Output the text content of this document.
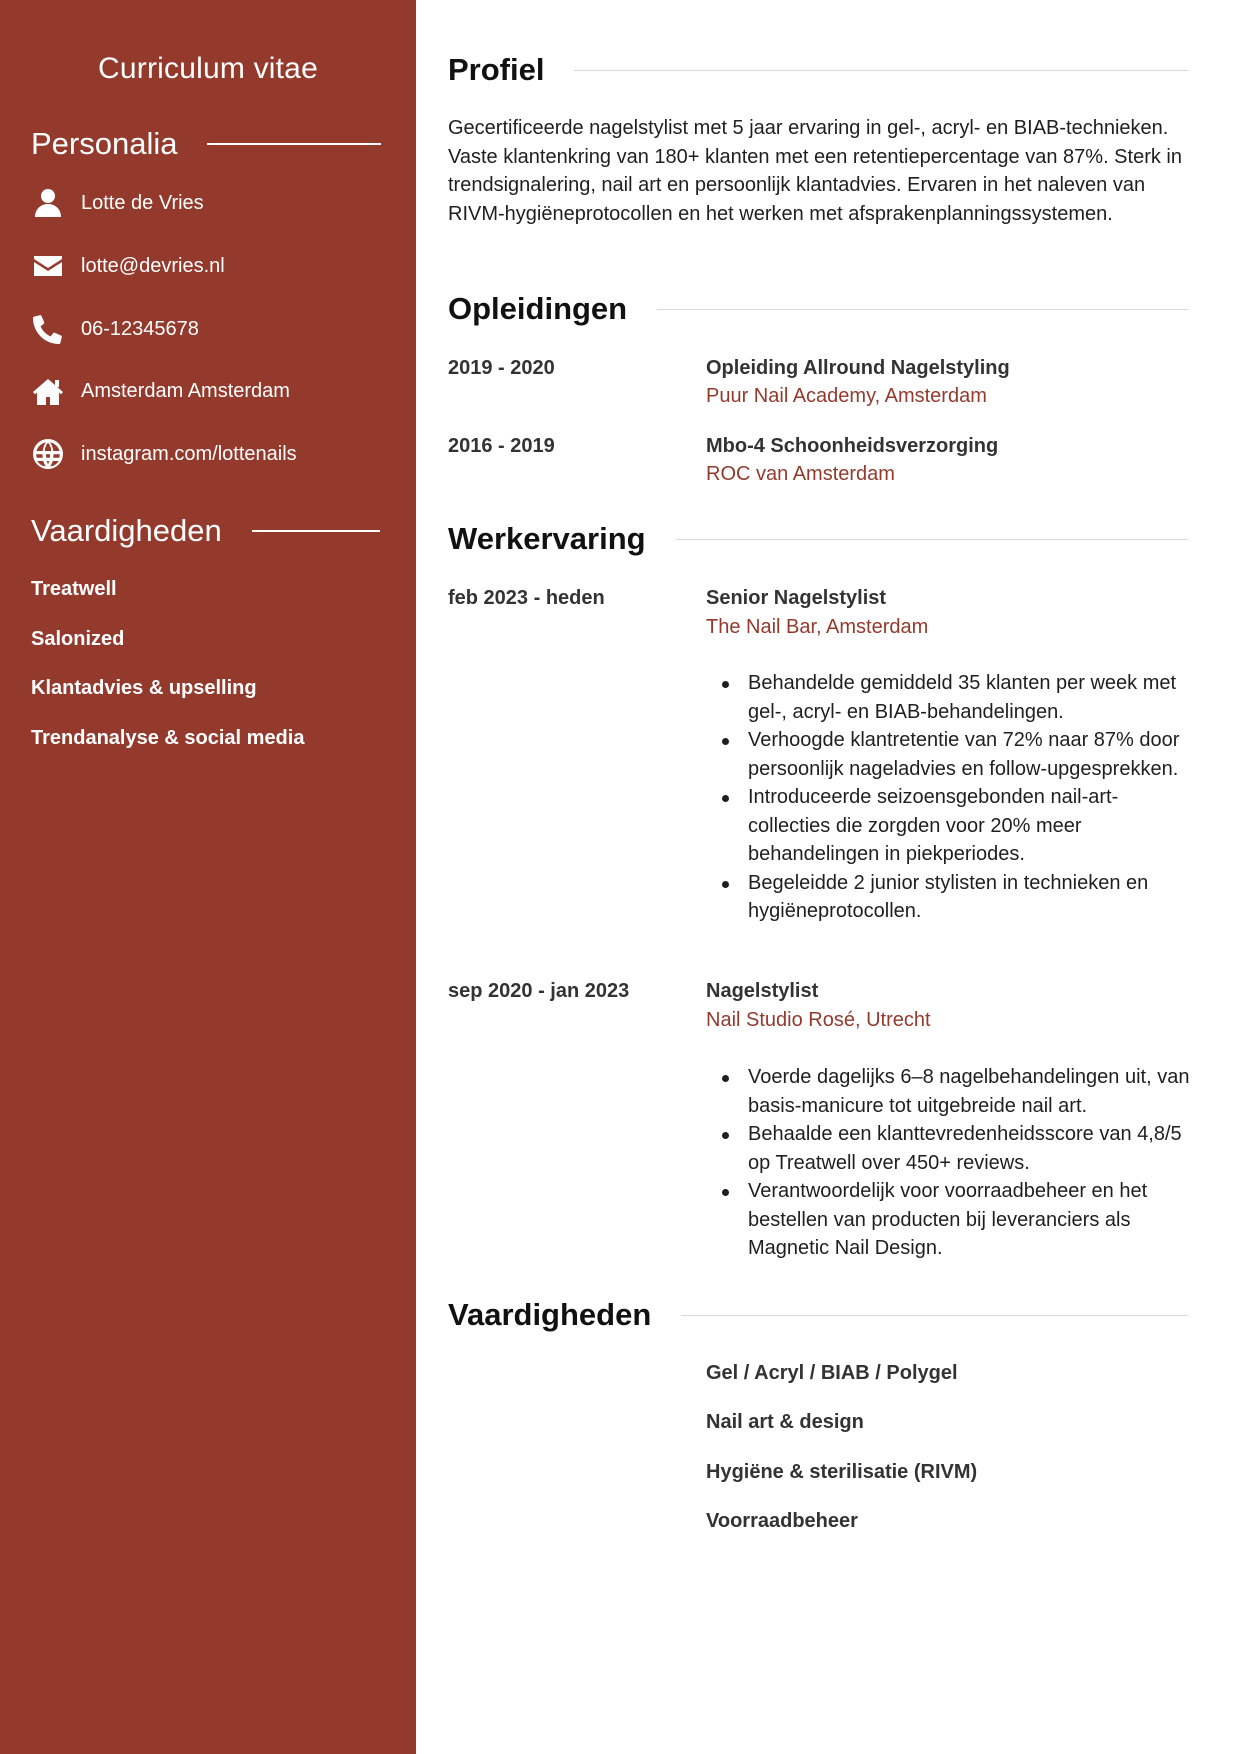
Curriculum vitae
Personalia
Lotte de Vries
lotte@devries.nl
06-12345678
Amsterdam Amsterdam
instagram.com/lottenails
Vaardigheden
Treatwell
Salonized
Klantadvies & upselling
Trendanalyse & social media
Profiel

Gecertificeerde nagelstylist met 5 jaar ervaring in gel-, acryl- en BIAB-technieken. Vaste klantenkring van 180+ klanten met een retentiepercentage van 87%. Sterk in trendsignalering, nail art en persoonlijk klantadvies. Ervaren in het naleven van RIVM-hygiëneprotocollen en het werken met afsprakenplanningssystemen.

Opleidingen
2019 - 2020	Opleiding Allround Nagelstyling
Puur Nail Academy, Amsterdam
2016 - 2019	Mbo-4 Schoonheidsverzorging
ROC van Amsterdam
Werkervaring
feb 2023 - heden	Senior Nagelstylist
The Nail Bar, Amsterdam
Behandelde gemiddeld 35 klanten per week met gel-, acryl- en BIAB-behandelingen.
Verhoogde klantretentie van 72% naar 87% door persoonlijk nageladvies en follow-upgesprekken.
Introduceerde seizoensgebonden nail-art-collecties die zorgden voor 20% meer behandelingen in piekperiodes.
Begeleidde 2 junior stylisten in technieken en hygiëneprotocollen.
sep 2020 - jan 2023	Nagelstylist
Nail Studio Rosé, Utrecht
Voerde dagelijks 6–8 nagelbehandelingen uit, van basis-manicure tot uitgebreide nail art.
Behaalde een klanttevredenheidsscore van 4,8/5 op Treatwell over 450+ reviews.
Verantwoordelijk voor voorraadbeheer en het bestellen van producten bij leveranciers als Magnetic Nail Design.
Vaardigheden
Gel / Acryl / BIAB / Polygel
Nail art & design
Hygiëne & sterilisatie (RIVM)
Voorraadbeheer
